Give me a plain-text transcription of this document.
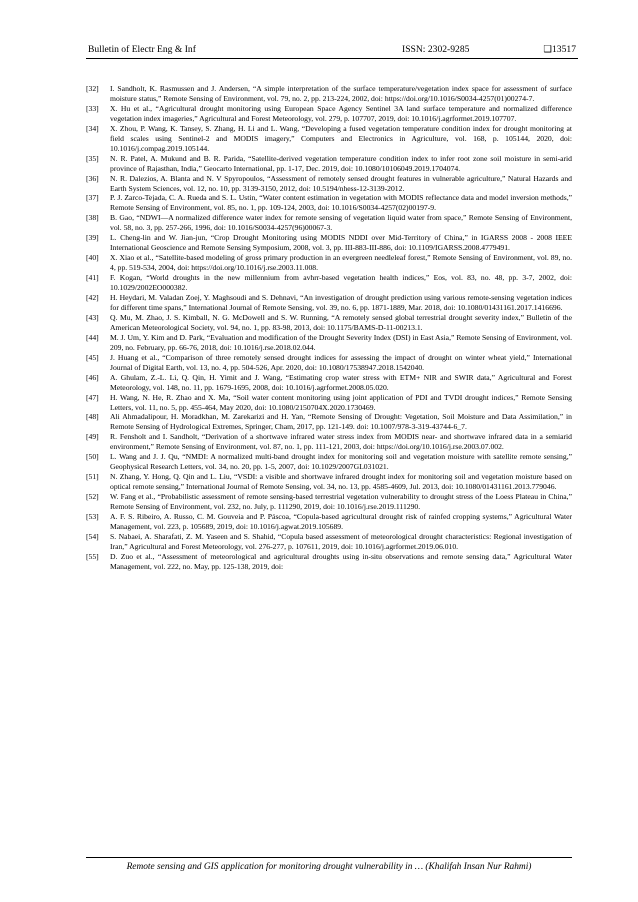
Bulletin of Electr Eng & Inf	ISSN: 2302-9285	❑13517

[32] I. Sandholt, K. Rasmussen and J. Andersen, “A simple interpretation of the surface temperature/vegetation index space for assessment of surface moisture status,” Remote Sensing of Environment, vol. 79, no. 2, pp. 213-224, 2002, doi: https://doi.org/10.1016/S0034-4257(01)00274-7.

[33] X. Hu et al., “Agricultural drought monitoring using European Space Agency Sentinel 3A land surface temperature and normalized difference vegetation index imageries,” Agricultural and Forest Meteorology, vol. 279, p. 107707, 2019, doi: 10.1016/j.agrformet.2019.107707.

[34] X. Zhou, P. Wang, K. Tansey, S. Zhang, H. Li and L. Wang, “Developing a fused vegetation temperature condition index for drought monitoring at field scales using Sentinel-2 and MODIS imagery,” Computers and Electronics in Agriculture, vol. 168, p. 105144, 2020, doi: 10.1016/j.compag.2019.105144.

[35] N. R. Patel, A. Mukund and B. R. Parida, “Satellite-derived vegetation temperature condition index to infer root zone soil moisture in semi-arid province of Rajasthan, India,” Geocarto International, pp. 1-17, Dec. 2019, doi: 10.1080/10106049.2019.1704074.

[36] N. R. Dalezios, A. Blanta and N. V Spyropoulos, “Assessment of remotely sensed drought features in vulnerable agriculture,” Natural Hazards and Earth System Sciences, vol. 12, no. 10, pp. 3139-3150, 2012, doi: 10.5194/nhess-12-3139-2012.

[37] P. J. Zarco-Tejada, C. A. Rueda and S. L. Ustin, “Water content estimation in vegetation with MODIS reflectance data and model inversion methods,” Remote Sensing of Environment, vol. 85, no. 1, pp. 109-124, 2003, doi: 10.1016/S0034-4257(02)00197-9.

[38] B. Gao, “NDWI—A normalized difference water index for remote sensing of vegetation liquid water from space,” Remote Sensing of Environment, vol. 58, no. 3, pp. 257-266, 1996, doi: 10.1016/S0034-4257(96)00067-3.

[39] L. Cheng-lin and W. Jian-jun, “Crop Drought Monitoring using MODIS NDDI over Mid-Territory of China,” in IGARSS 2008 - 2008 IEEE International Geoscience and Remote Sensing Symposium, 2008, vol. 3, pp. III-883-III-886, doi: 10.1109/IGARSS.2008.4779491.

[40] X. Xiao et al., “Satellite-based modeling of gross primary production in an evergreen needleleaf forest,” Remote Sensing of Environment, vol. 89, no. 4, pp. 519-534, 2004, doi: https://doi.org/10.1016/j.rse.2003.11.008.

[41] F. Kogan, “World droughts in the new millennium from avhrr-based vegetation health indices,” Eos, vol. 83, no. 48, pp. 3-7, 2002, doi: 10.1029/2002EO000382.

[42] H. Heydari, M. Valadan Zoej, Y. Maghsoudi and S. Dehnavi, “An investigation of drought prediction using various remote-sensing vegetation indices for different time spans,” International Journal of Remote Sensing, vol. 39, no. 6, pp. 1871-1889, Mar. 2018, doi: 10.1080/01431161.2017.1416696.

[43] Q. Mu, M. Zhao, J. S. Kimball, N. G. McDowell and S. W. Running, “A remotely sensed global terrestrial drought severity index,” Bulletin of the American Meteorological Society, vol. 94, no. 1, pp. 83-98, 2013, doi: 10.1175/BAMS-D-11-00213.1.

[44] M. J. Um, Y. Kim and D. Park, “Evaluation and modification of the Drought Severity Index (DSI) in East Asia,” Remote Sensing of Environment, vol. 209, no. February, pp. 66-76, 2018, doi: 10.1016/j.rse.2018.02.044.

[45] J. Huang et al., “Comparison of three remotely sensed drought indices for assessing the impact of drought on winter wheat yield,” International Journal of Digital Earth, vol. 13, no. 4, pp. 504-526, Apr. 2020, doi: 10.1080/17538947.2018.1542040.

[46] A. Ghulam, Z.-L. Li, Q. Qin, H. Yimit and J. Wang, “Estimating crop water stress with ETM+ NIR and SWIR data,” Agricultural and Forest Meteorology, vol. 148, no. 11, pp. 1679-1695, 2008, doi: 10.1016/j.agrformet.2008.05.020.

[47] H. Wang, N. He, R. Zhao and X. Ma, “Soil water content monitoring using joint application of PDI and TVDI drought indices,” Remote Sensing Letters, vol. 11, no. 5, pp. 455-464, May 2020, doi: 10.1080/2150704X.2020.1730469.

[48] Ali Ahmadalipour, H. Moradkhan, M. Zarekarizi and H. Yan, “Remote Sensing of Drought: Vegetation, Soil Moisture and Data Assimilation,” in Remote Sensing of Hydrological Extremes, Springer, Cham, 2017, pp. 121-149. doi: 10.1007/978-3-319-43744-6_7.

[49] R. Fensholt and I. Sandholt, “Derivation of a shortwave infrared water stress index from MODIS near- and shortwave infrared data in a semiarid environment,” Remote Sensing of Environment, vol. 87, no. 1, pp. 111-121, 2003, doi: https://doi.org/10.1016/j.rse.2003.07.002.

[50] L. Wang and J. J. Qu, “NMDI: A normalized multi-band drought index for monitoring soil and vegetation moisture with satellite remote sensing,” Geophysical Research Letters, vol. 34, no. 20, pp. 1-5, 2007, doi: 10.1029/2007GL031021.

[51] N. Zhang, Y. Hong, Q. Qin and L. Liu, “VSDI: a visible and shortwave infrared drought index for monitoring soil and vegetation moisture based on optical remote sensing,” International Journal of Remote Sensing, vol. 34, no. 13, pp. 4585-4609, Jul. 2013, doi: 10.1080/01431161.2013.779046.

[52] W. Fang et al., “Probabilistic assessment of remote sensing-based terrestrial vegetation vulnerability to drought stress of the Loess Plateau in China,” Remote Sensing of Environment, vol. 232, no. July, p. 111290, 2019, doi: 10.1016/j.rse.2019.111290.

[53] A. F. S. Ribeiro, A. Russo, C. M. Gouveia and P. Páscoa, “Copula-based agricultural drought risk of rainfed cropping systems,” Agricultural Water Management, vol. 223, p. 105689, 2019, doi: 10.1016/j.agwat.2019.105689.

[54] S. Nabaei, A. Sharafati, Z. M. Yaseen and S. Shahid, “Copula based assessment of meteorological drought characteristics: Regional investigation of Iran,” Agricultural and Forest Meteorology, vol. 276-277, p. 107611, 2019, doi: 10.1016/j.agrformet.2019.06.010.

[55] D. Zuo et al., “Assessment of meteorological and agricultural droughts using in-situ observations and remote sensing data,” Agricultural Water Management, vol. 222, no. May, pp. 125-138, 2019, doi:

Remote sensing and GIS application for monitoring drought vulnerability in … (Khalifah Insan Nur Rahmi)
